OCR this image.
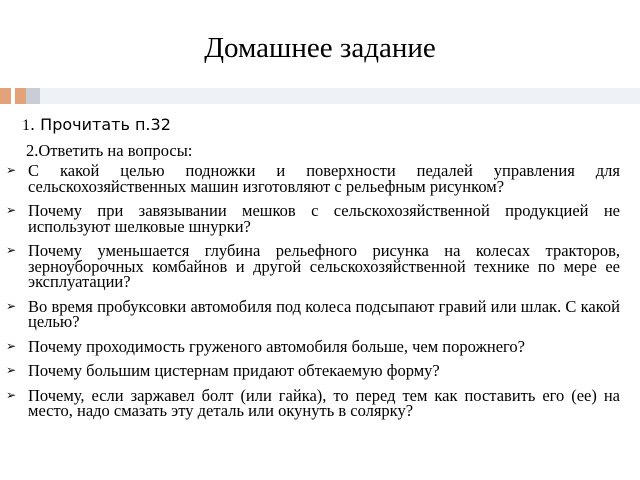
Домашнее задание
1. Прочитать п.32
2.Ответить на вопросы:
➢ С какой целью подножки и поверхности педалей управления для сельскохозяйственных машин изготовляют с рельефным рисунком?
➢ Почему при завязывании мешков с сельскохозяйственной продукцией не используют шелковые шнурки?
➢ Почему уменьшается глубина рельефного рисунка на колесах тракторов, зерноуборочных комбайнов и другой сельскохозяйственной технике по мере ее эксплуатации?
➢ Во время пробуксовки автомобиля под колеса подсыпают гравий или шлак. С какой целью?
➢ Почему проходимость груженого автомобиля больше, чем порожнего?
➢ Почему большим цистернам придают обтекаемую форму?
➢ Почему, если заржавел болт (или гайка), то перед тем как поставить его (ее) на место, надо смазать эту деталь или окунуть в солярку?
